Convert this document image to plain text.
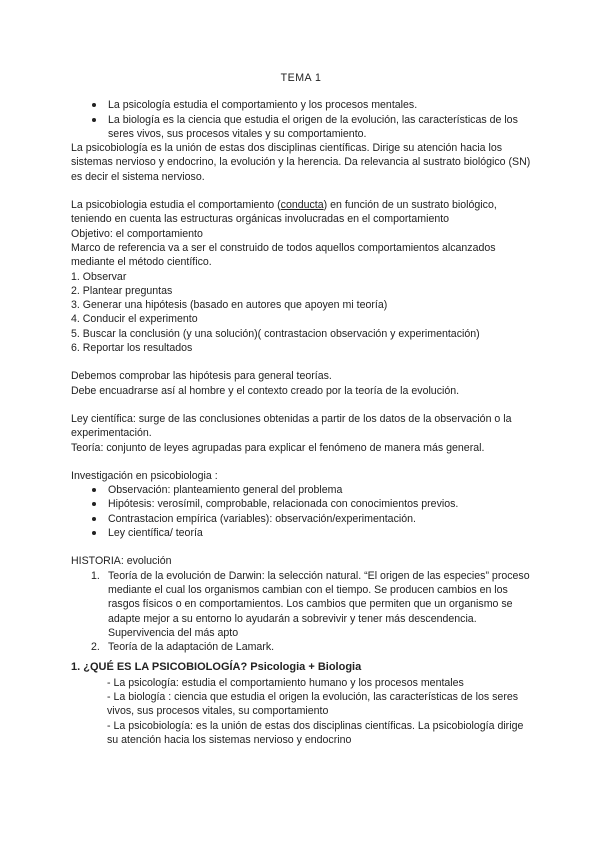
TEMA 1

La psicología estudia el comportamiento y los procesos mentales.
La biología es la ciencia que estudia el origen de la evolución, las características de los seres vivos, sus procesos vitales y su comportamiento.

La psicobiología es la unión de estas dos disciplinas científicas. Dirige su atención hacia los sistemas nervioso y endocrino, la evolución y la herencia. Da relevancia al sustrato biológico (SN) es decir el sistema nervioso.

La psicobiologia estudia el comportamiento (conducta) en función de un sustrato biológico, teniendo en cuenta las estructuras orgánicas involucradas en el comportamiento

Objetivo: el comportamiento

Marco de referencia va a ser el construido de todos aquellos comportamientos alcanzados mediante el método científico.

1. Observar

2. Plantear preguntas

3. Generar una hipótesis (basado en autores que apoyen mi teoría)

4. Conducir el experimento

5. Buscar la conclusión (y una solución)( contrastacion observación y experimentación)

6. Reportar los resultados

Debemos comprobar las hipótesis para general teorías.

Debe encuadrarse así al hombre y el contexto creado por la teoría de la evolución.

Ley científica: surge de las conclusiones obtenidas a partir de los datos de la observación o la experimentación.

Teoría: conjunto de leyes agrupadas para explicar el fenómeno de manera más general.

Investigación en psicobiologia :

Observación: planteamiento general del problema
Hipótesis: verosímil, comprobable, relacionada con conocimientos previos.
Contrastacion empírica (variables): observación/experimentación.
Ley científica/ teoría

HISTORIA: evolución

1. Teoría de la evolución de Darwin: la selección natural. “El origen de las especies” proceso mediante el cual los organismos cambian con el tiempo. Se producen cambios en los rasgos físicos o en comportamientos. Los cambios que permiten que un organismo se adapte mejor a su entorno lo ayudarán a sobrevivir y tener más descendencia. Supervivencia del más apto
2. Teoría de la adaptación de Lamark.

1. ¿QUÉ ES LA PSICOBIOLOGÍA? Psicologia + Biologia

- La psicología: estudia el comportamiento humano y los procesos mentales

- La biología : ciencia que estudia el origen la evolución, las características de los seres vivos, sus procesos vitales, su comportamiento

- La psicobiología: es la unión de estas dos disciplinas científicas. La psicobiología dirige su atención hacia los sistemas nervioso y endocrino
